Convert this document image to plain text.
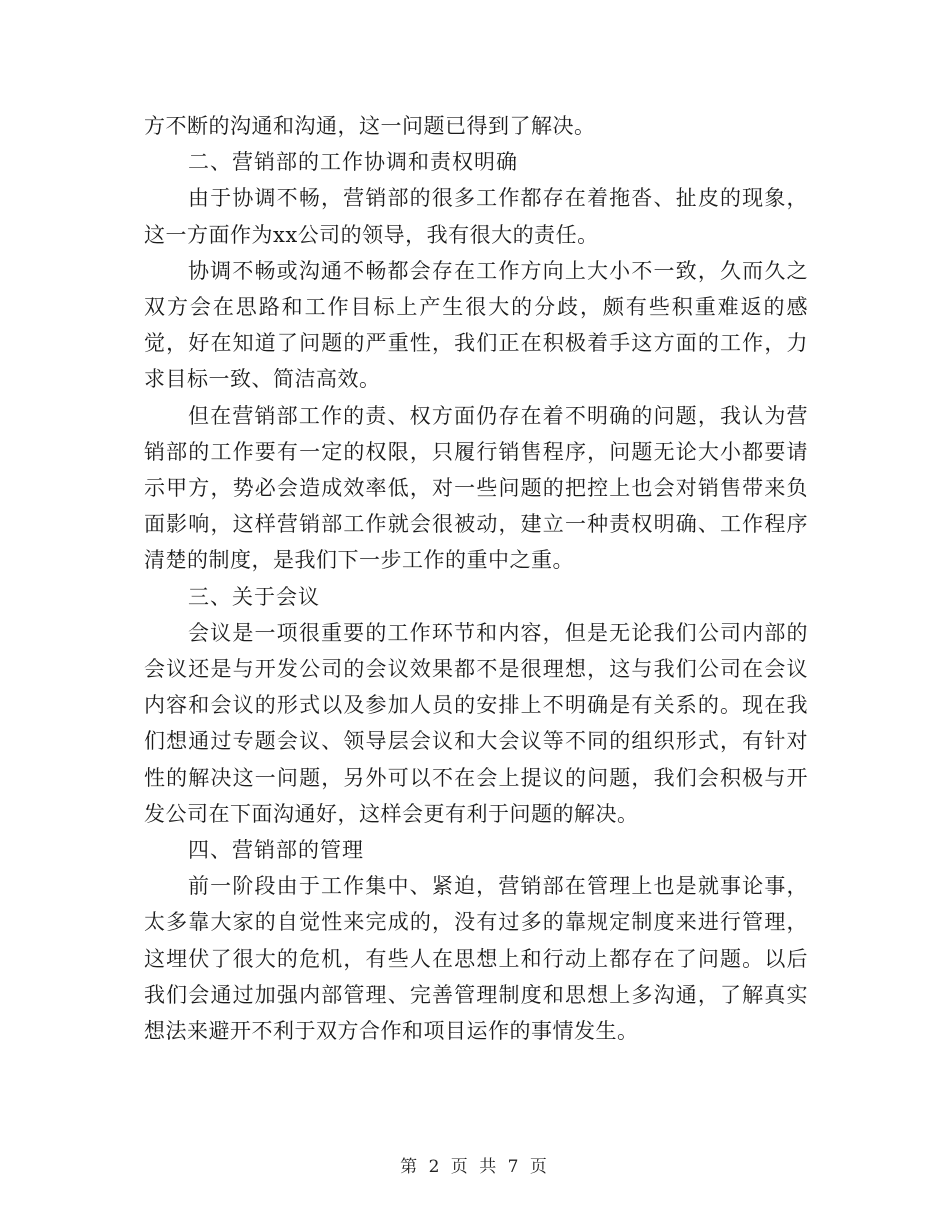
方不断的沟通和沟通，这一问题已得到了解决。

二、营销部的工作协调和责权明确

由于协调不畅，营销部的很多工作都存在着拖沓、扯皮的现象，这一方面作为xx公司的领导，我有很大的责任。

协调不畅或沟通不畅都会存在工作方向上大小不一致，久而久之双方会在思路和工作目标上产生很大的分歧，颇有些积重难返的感觉，好在知道了问题的严重性，我们正在积极着手这方面的工作，力求目标一致、简洁高效。

但在营销部工作的责、权方面仍存在着不明确的问题，我认为营销部的工作要有一定的权限，只履行销售程序，问题无论大小都要请示甲方，势必会造成效率低，对一些问题的把控上也会对销售带来负面影响，这样营销部工作就会很被动，建立一种责权明确、工作程序清楚的制度，是我们下一步工作的重中之重。

三、关于会议

会议是一项很重要的工作环节和内容，但是无论我们公司内部的会议还是与开发公司的会议效果都不是很理想，这与我们公司在会议内容和会议的形式以及参加人员的安排上不明确是有关系的。现在我们想通过专题会议、领导层会议和大会议等不同的组织形式，有针对性的解决这一问题，另外可以不在会上提议的问题，我们会积极与开发公司在下面沟通好，这样会更有利于问题的解决。

四、营销部的管理

前一阶段由于工作集中、紧迫，营销部在管理上也是就事论事，太多靠大家的自觉性来完成的，没有过多的靠规定制度来进行管理，这埋伏了很大的危机，有些人在思想上和行动上都存在了问题。以后我们会通过加强内部管理、完善管理制度和思想上多沟通，了解真实想法来避开不利于双方合作和项目运作的事情发生。

第 2 页 共 7 页
